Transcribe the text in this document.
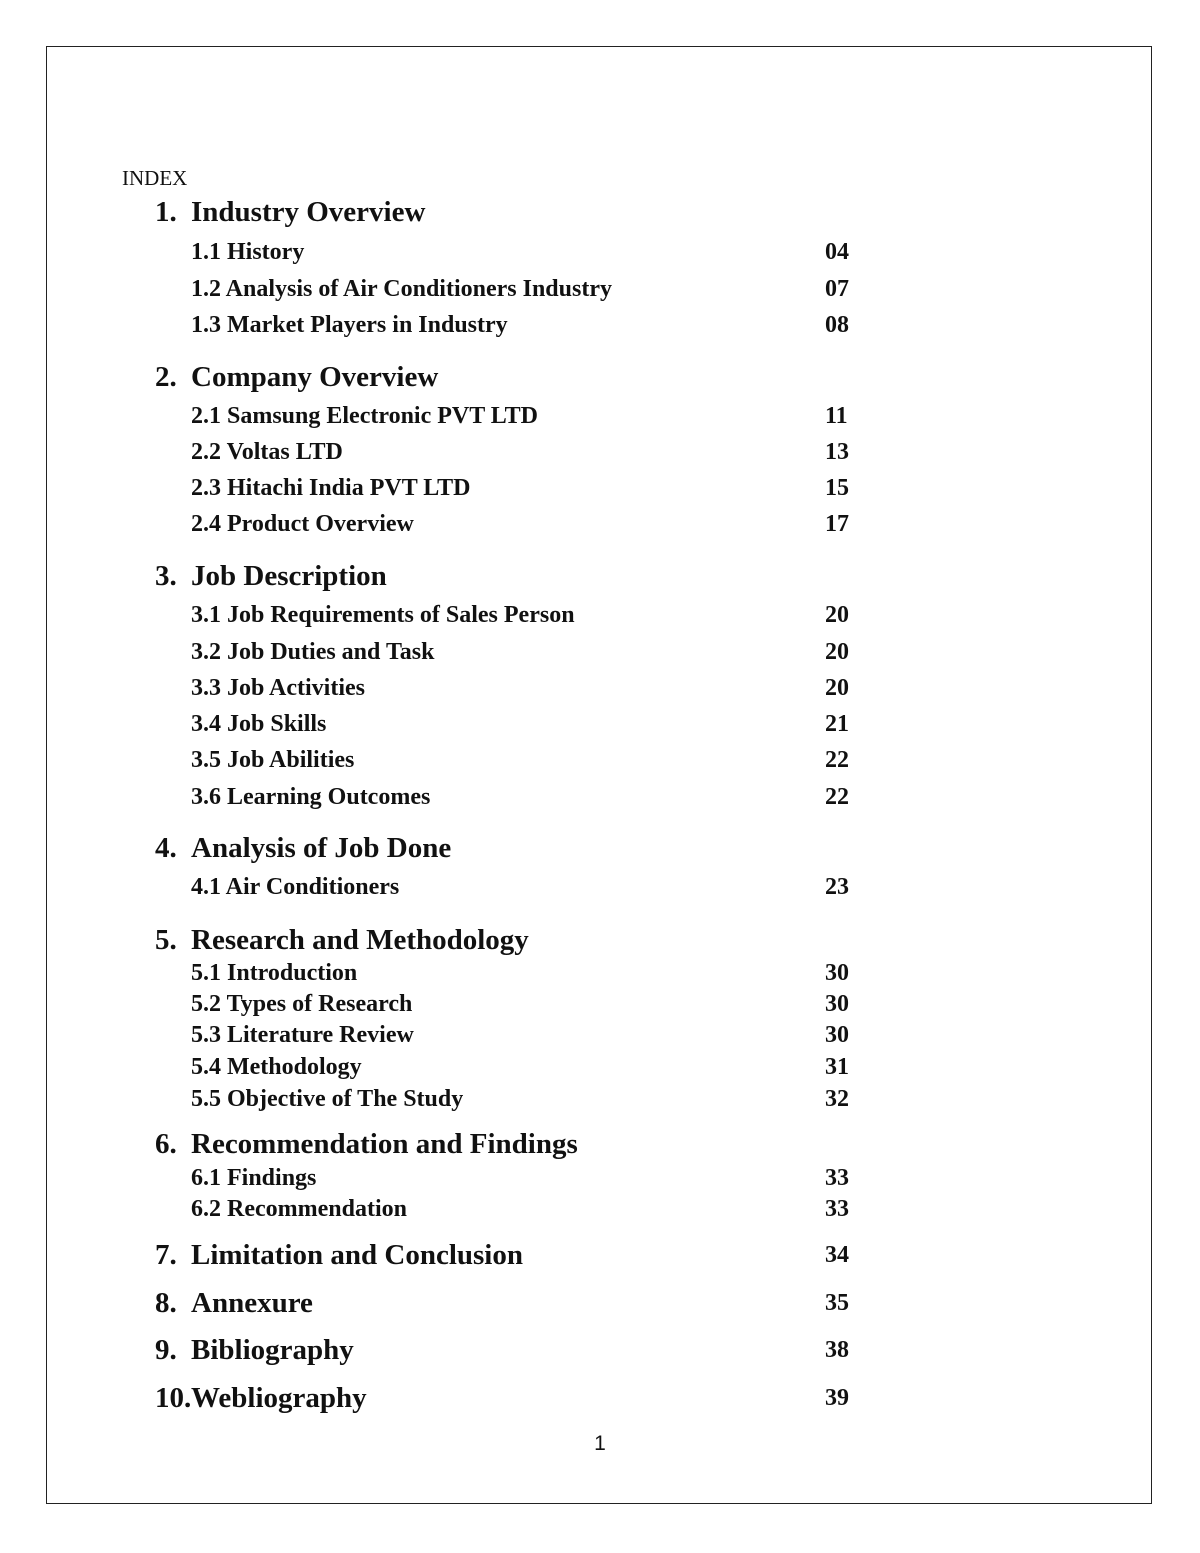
INDEX
1. Industry Overview
1.1 History	04
1.2 Analysis of Air Conditioners Industry	07
1.3 Market Players in Industry	08
2. Company Overview
2.1 Samsung Electronic PVT LTD	11
2.2 Voltas LTD	13
2.3 Hitachi India PVT LTD	15
2.4 Product Overview	17
3. Job Description
3.1 Job Requirements of Sales Person	20
3.2 Job Duties and Task	20
3.3 Job Activities	20
3.4 Job Skills	21
3.5 Job Abilities	22
3.6 Learning Outcomes	22
4. Analysis of Job Done
4.1 Air Conditioners	23
5. Research and Methodology
5.1 Introduction	30
5.2 Types of Research	30
5.3 Literature Review	30
5.4 Methodology	31
5.5 Objective of The Study	32
6. Recommendation and Findings
6.1 Findings	33
6.2 Recommendation	33
7. Limitation and Conclusion	34
8. Annexure	35
9. Bibliography	38
10. Webliography	39
1
